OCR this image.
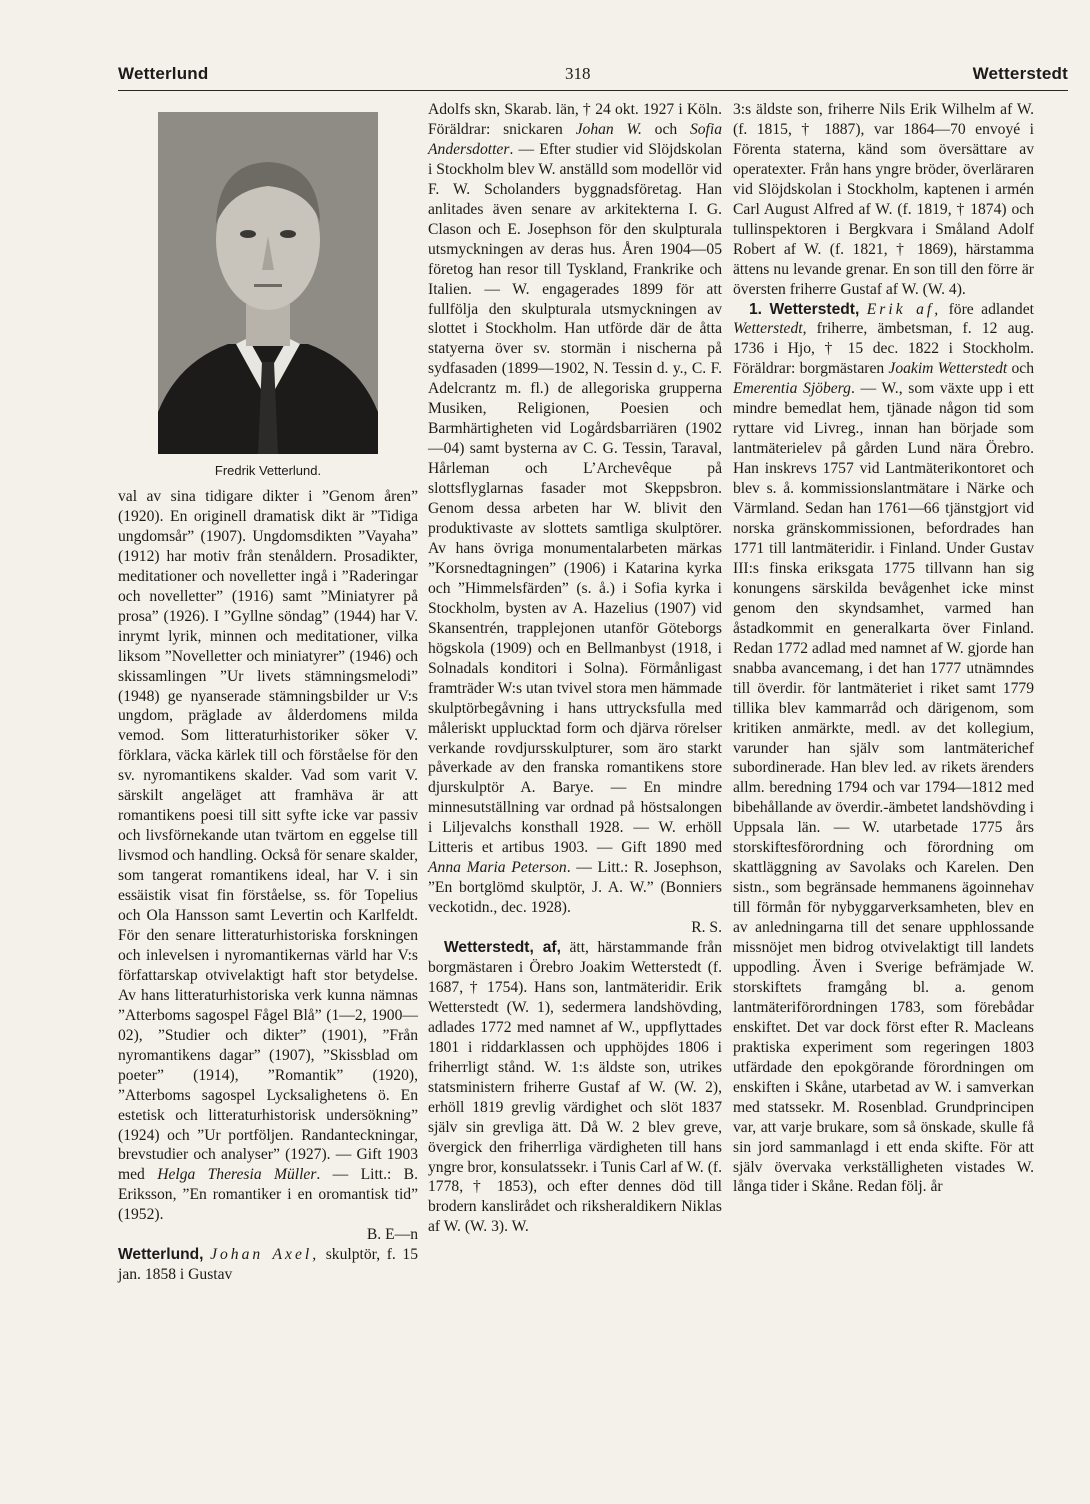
Wetterlund	318	Wetterstedt
Fredrik Vetterlund.

val av sina tidigare dikter i ”Genom åren” (1920). En originell dramatisk dikt är ”Tidiga ungdomsår” (1907). Ungdomsdikten ”Vayaha” (1912) har motiv från stenåldern. Prosadikter, meditationer och novelletter ingå i ”Raderingar och novelletter” (1916) samt ”Miniatyrer på prosa” (1926). I ”Gyllne söndag” (1944) har V. inrymt lyrik, minnen och meditationer, vilka liksom ”Novelletter och miniatyrer” (1946) och skissamlingen ”Ur livets stämningsmelodi” (1948) ge nyanserade stämningsbilder ur V:s ungdom, präglade av ålderdomens milda vemod. Som litteraturhistoriker söker V. förklara, väcka kärlek till och förståelse för den sv. nyromantikens skalder. Vad som varit V. särskilt angeläget att framhäva är att romantikens poesi till sitt syfte icke var passiv och livsförnekande utan tvärtom en eggelse till livsmod och handling. Också för senare skalder, som tangerat romantikens ideal, har V. i sin essäistik visat fin förståelse, ss. för Topelius och Ola Hansson samt Levertin och Karlfeldt. För den senare litteraturhistoriska forskningen och inlevelsen i nyromantikernas värld har V:s författarskap otvivelaktigt haft stor betydelse. Av hans litteraturhistoriska verk kunna nämnas ”Atterboms sagospel Fågel Blå” (1—2, 1900—02), ”Studier och dikter” (1901), ”Från nyromantikens dagar” (1907), ”Skissblad om poeter” (1914), ”Romantik” (1920), ”Atterboms sagospel Lycksalighetens ö. En estetisk och litteraturhistorisk undersökning” (1924) och ”Ur portföljen. Randanteckningar, brevstudier och analyser” (1927). — Gift 1903 med Helga Theresia Müller. — Litt.: B. Eriksson, ”En romantiker i en oromantisk tid” (1952).

B. E—n

Wetterlund, Johan Axel, skulptör, f. 15 jan. 1858 i Gustav

Adolfs skn, Skarab. län, † 24 okt. 1927 i Köln. Föräldrar: snickaren Johan W. och Sofia Andersdotter. — Efter studier vid Slöjdskolan i Stockholm blev W. anställd som modellör vid F. W. Scholanders byggnadsföretag. Han anlitades även senare av arkitekterna I. G. Clason och E. Josephson för den skulpturala utsmyckningen av deras hus. Åren 1904—05 företog han resor till Tyskland, Frankrike och Italien. — W. engagerades 1899 för att fullfölja den skulpturala utsmyckningen av slottet i Stockholm. Han utförde där de åtta statyerna över sv. stormän i nischerna på sydfasaden (1899—1902, N. Tessin d. y., C. F. Adelcrantz m. fl.) de allegoriska grupperna Musiken, Religionen, Poesien och Barmhärtigheten vid Logårdsbarriären (1902—04) samt bysterna av C. G. Tessin, Taraval, Hårleman och L’Archevêque på slottsflyglarnas fasader mot Skeppsbron. Genom dessa arbeten har W. blivit den produktivaste av slottets samtliga skulptörer. Av hans övriga monumentalarbeten märkas ”Korsnedtagningen” (1906) i Katarina kyrka och ”Himmelsfärden” (s. å.) i Sofia kyrka i Stockholm, bysten av A. Hazelius (1907) vid Skansentrén, trapplejonen utanför Göteborgs högskola (1909) och en Bellmanbyst (1918, i Solnadals konditori i Solna). Förmånligast framträder W:s utan tvivel stora men hämmade skulptörbegåvning i hans uttrycksfulla med måleriskt upplucktad form och djärva rörelser verkande rovdjursskulpturer, som äro starkt påverkade av den franska romantikens store djurskulptör A. Barye. — En mindre minnesutställning var ordnad på höstsalongen i Liljevalchs konsthall 1928. — W. erhöll Litteris et artibus 1903. — Gift 1890 med Anna Maria Peterson. — Litt.: R. Josephson, ”En bortglömd skulptör, J. A. W.” (Bonniers veckotidn., dec. 1928).

R. S.

Wetterstedt, af, ätt, härstammande från borgmästaren i Örebro Joakim Wetterstedt (f. 1687, † 1754). Hans son, lantmäteridir. Erik Wetterstedt (W. 1), sedermera landshövding, adlades 1772 med namnet af W., uppflyttades 1801 i riddarklassen och upphöjdes 1806 i friherrligt stånd. W. 1:s äldste son, utrikes statsministern friherre Gustaf af W. (W. 2), erhöll 1819 grevlig värdighet och slöt 1837 själv sin grevliga ätt. Då W. 2 blev greve, övergick den friherrliga värdigheten till hans yngre bror, konsulatssekr. i Tunis Carl af W. (f. 1778, † 1853), och efter dennes död till brodern kanslirådet och riksheraldikern Niklas af W. (W. 3). W.

3:s äldste son, friherre Nils Erik Wilhelm af W. (f. 1815, † 1887), var 1864—70 envoyé i Förenta staterna, känd som översättare av operatexter. Från hans yngre bröder, överläraren vid Slöjdskolan i Stockholm, kaptenen i armén Carl August Alfred af W. (f. 1819, † 1874) och tullinspektoren i Bergkvara i Småland Adolf Robert af W. (f. 1821, † 1869), härstamma ättens nu levande grenar. En son till den förre är översten friherre Gustaf af W. (W. 4).

1. Wetterstedt, Erik af, före adlandet Wetterstedt, friherre, ämbetsman, f. 12 aug. 1736 i Hjo, † 15 dec. 1822 i Stockholm. Föräldrar: borgmästaren Joakim Wetterstedt och Emerentia Sjöberg. — W., som växte upp i ett mindre bemedlat hem, tjänade någon tid som ryttare vid Livreg., innan han började som lantmäterielev på gården Lund nära Örebro. Han inskrevs 1757 vid Lantmäterikontoret och blev s. å. kommissionslantmätare i Närke och Värmland. Sedan han 1761—66 tjänstgjort vid norska gränskommissionen, befordrades han 1771 till lantmäteridir. i Finland. Under Gustav III:s finska eriksgata 1775 tillvann han sig konungens särskilda bevågenhet icke minst genom den skyndsamhet, varmed han åstadkommit en generalkarta över Finland. Redan 1772 adlad med namnet af W. gjorde han snabba avancemang, i det han 1777 utnämndes till överdir. för lantmäteriet i riket samt 1779 tillika blev kammarråd och därigenom, som kritiken anmärkte, medl. av det kollegium, varunder han själv som lantmäterichef subordinerade. Han blev led. av rikets ärenders allm. beredning 1794 och var 1794—1812 med bibehållande av överdir.-ämbetet landshövding i Uppsala län. — W. utarbetade 1775 års storskiftesförordning och förordning om skattläggning av Savolaks och Karelen. Den sistn., som begränsade hemmanens ägoinnehav till förmån för nybyggarverksamheten, blev en av anledningarna till det senare upphlossande missnöjet men bidrog otvivelaktigt till landets uppodling. Även i Sverige befrämjade W. storskiftets framgång bl. a. genom lantmäteriförordningen 1783, som förebådar enskiftet. Det var dock först efter R. Macleans praktiska experiment som regeringen 1803 utfärdade den epokgörande förordningen om enskiften i Skåne, utarbetad av W. i samverkan med statssekr. M. Rosenblad. Grundprincipen var, att varje brukare, som så önskade, skulle få sin jord sammanlagd i ett enda skifte. För att själv övervaka verkställigheten vistades W. långa tider i Skåne. Redan följ. år
